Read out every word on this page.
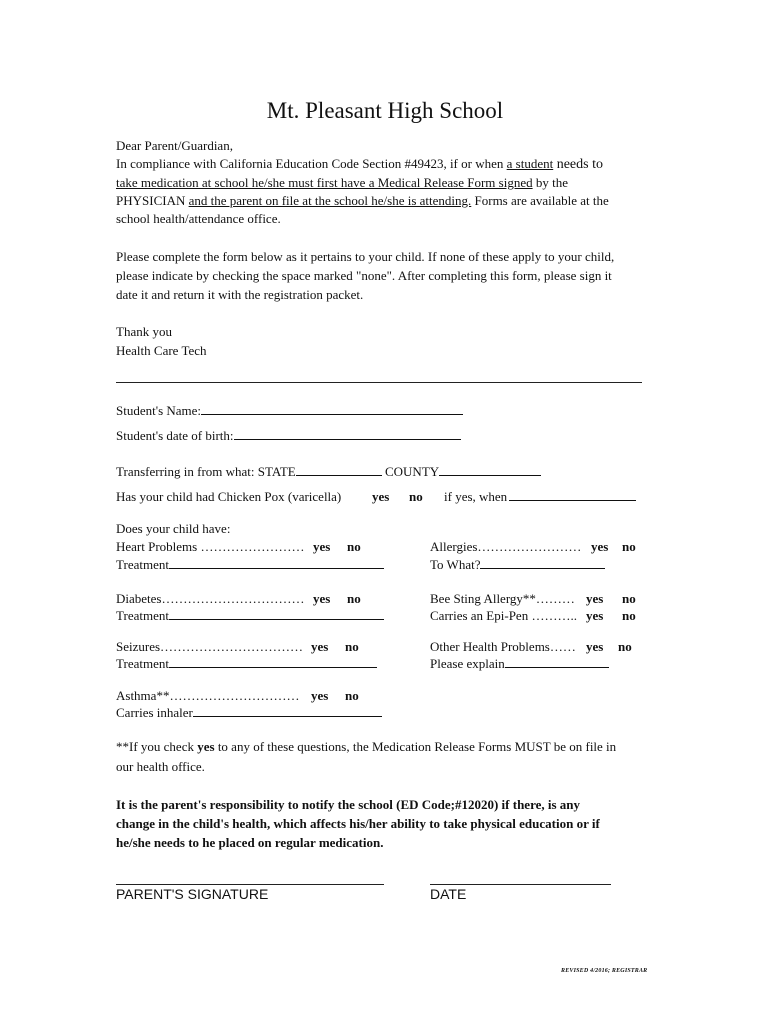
Mt. Pleasant High School
Dear Parent/Guardian,
In compliance with California Education Code Section #49423, if or when a student needs to
take medication at school he/she must first have a Medical Release Form signed by the
PHYSICIAN and the parent on file at the school he/she is attending. Forms are available at the
school health/attendance office.
Please complete the form below as it pertains to your child. If none of these apply to your child,
please indicate by checking the space marked "none". After completing this form, please sign it
date it and return it with the registration packet.
Thank you
Health Care Tech
Student's Name:
Student's date of birth:
Transferring in from what: STATE	COUNTY
Has your child had Chicken Pox (varicella) yes no if yes, when
Does your child have:
Heart Problems …………………… yes no
Treatment
Allergies…………………… yes no
To What?
Diabetes…………………………… yes no
Treatment
Bee Sting Allergy**……… yes no
Carries an Epi-Pen ……….. yes no
Seizures…………………………… yes no
Treatment
Other Health Problems…… yes no
Please explain
Asthma**………………………… yes no
Carries inhaler
**If you check yes to any of these questions, the Medication Release Forms MUST be on file in
our health office.
It is the parent's responsibility to notify the school (ED Code;#12020) if there, is any
change in the child's health, which affects his/her ability to take physical education or if
he/she needs to he placed on regular medication.
PARENT'S SIGNATURE	DATE
REVISED 4/2016; REGISTRAR
